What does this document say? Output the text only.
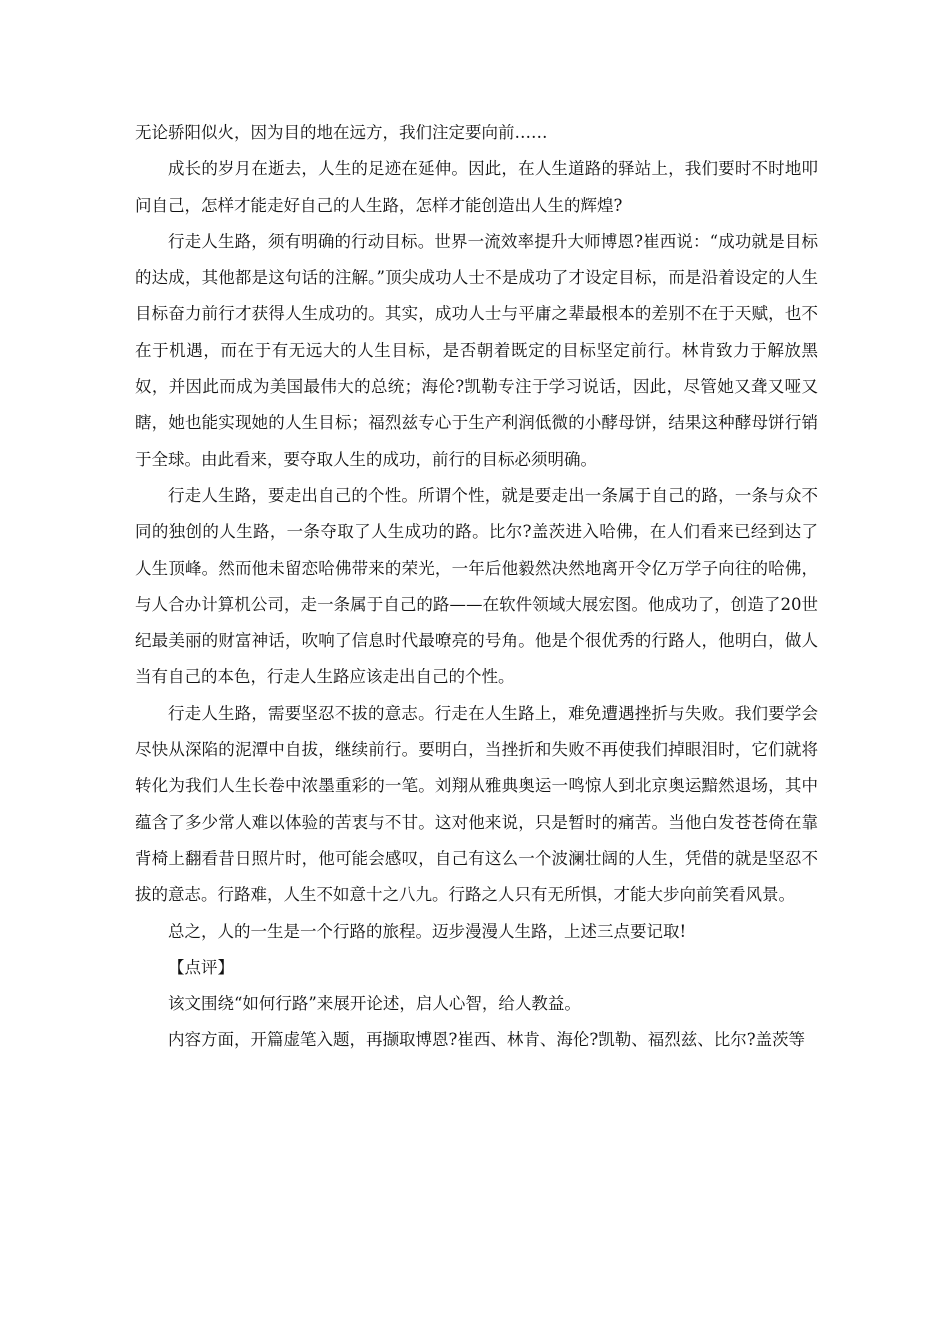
无论骄阳似火，因为目的地在远方，我们注定要向前……

成长的岁月在逝去，人生的足迹在延伸。因此，在人生道路的驿站上，我们要时不时地叩问自己，怎样才能走好自己的人生路，怎样才能创造出人生的辉煌?

行走人生路，须有明确的行动目标。世界一流效率提升大师博恩?崔西说：“成功就是目标的达成，其他都是这句话的注解。”顶尖成功人士不是成功了才设定目标，而是沿着设定的人生目标奋力前行才获得人生成功的。其实，成功人士与平庸之辈最根本的差别不在于天赋，也不在于机遇，而在于有无远大的人生目标，是否朝着既定的目标坚定前行。林肯致力于解放黑奴，并因此而成为美国最伟大的总统；海伦?凯勒专注于学习说话，因此，尽管她又聋又哑又瞎，她也能实现她的人生目标；福烈兹专心于生产利润低微的小酵母饼，结果这种酵母饼行销于全球。由此看来，要夺取人生的成功，前行的目标必须明确。

行走人生路，要走出自己的个性。所谓个性，就是要走出一条属于自己的路，一条与众不同的独创的人生路，一条夺取了人生成功的路。比尔?盖茨进入哈佛，在人们看来已经到达了人生顶峰。然而他未留恋哈佛带来的荣光，一年后他毅然决然地离开令亿万学子向往的哈佛，与人合办计算机公司，走一条属于自己的路——在软件领域大展宏图。他成功了，创造了20世纪最美丽的财富神话，吹响了信息时代最嘹亮的号角。他是个很优秀的行路人，他明白，做人当有自己的本色，行走人生路应该走出自己的个性。

行走人生路，需要坚忍不拔的意志。行走在人生路上，难免遭遇挫折与失败。我们要学会尽快从深陷的泥潭中自拔，继续前行。要明白，当挫折和失败不再使我们掉眼泪时，它们就将转化为我们人生长卷中浓墨重彩的一笔。刘翔从雅典奥运一鸣惊人到北京奥运黯然退场，其中蕴含了多少常人难以体验的苦衷与不甘。这对他来说，只是暂时的痛苦。当他白发苍苍倚在靠背椅上翻看昔日照片时，他可能会感叹，自己有这么一个波澜壮阔的人生，凭借的就是坚忍不拔的意志。行路难，人生不如意十之八九。行路之人只有无所惧，才能大步向前笑看风景。

总之，人的一生是一个行路的旅程。迈步漫漫人生路，上述三点要记取!

【点评】

该文围绕“如何行路”来展开论述，启人心智，给人教益。

内容方面，开篇虚笔入题，再撷取博恩?崔西、林肯、海伦?凯勒、福烈兹、比尔?盖茨等
